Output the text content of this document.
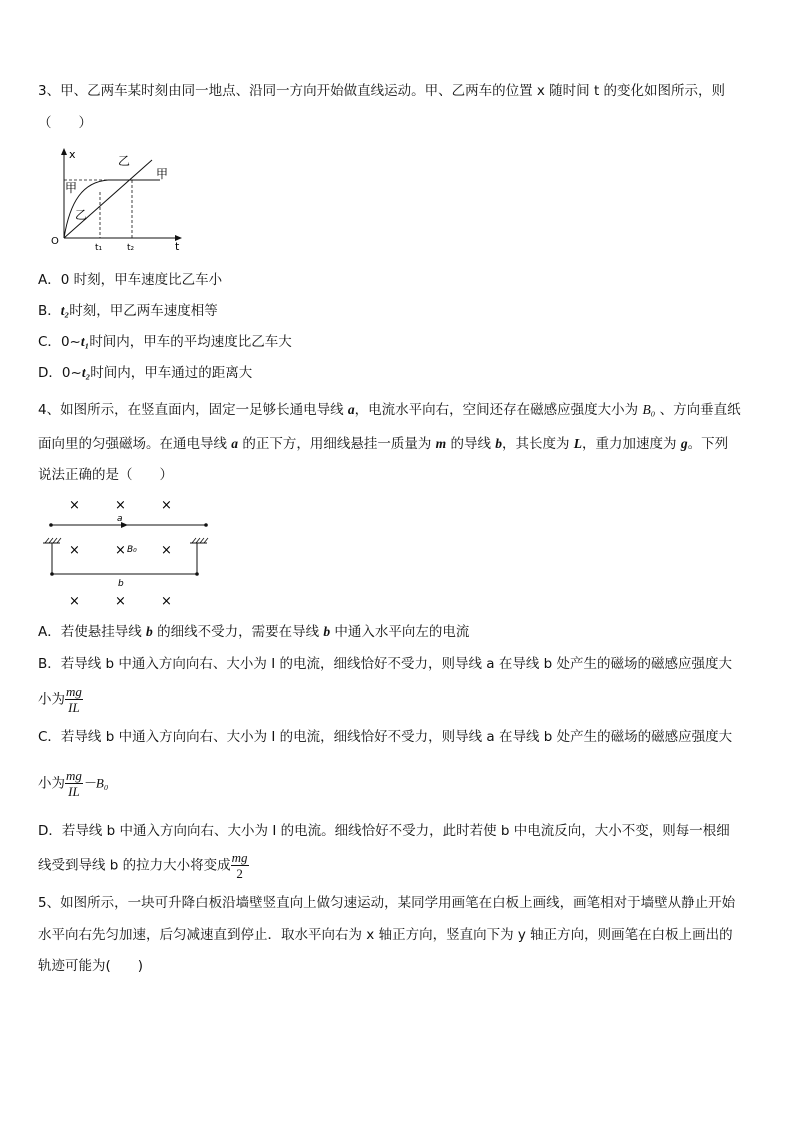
3、甲、乙两车某时刻由同一地点、沿同一方向开始做直线运动。甲、乙两车的位置 x 随时间 t 的变化如图所示，则
（　　）
x	乙
甲
甲
乙
O
t₁	t₂	t
A．0 时刻，甲车速度比乙车小
B．t₂时刻，甲乙两车速度相等
C．0~t₁时间内，甲车的平均速度比乙车大
D．0~t₂时间内，甲车通过的距离大
4、如图所示，在竖直面内，固定一足够长通电导线 a，电流水平向右，空间还存在磁感应强度大小为 B₀ 、方向垂直纸
面向里的匀强磁场。在通电导线 a 的正下方，用细线悬挂一质量为 m 的导线 b，其长度为 L，重力加速度为 g。下列
说法正确的是（　　）
×	×	×
a
×	× B₀ ×
b
×	×	×
A．若使悬挂导线 b 的细线不受力，需要在导线 b 中通入水平向左的电流
B．若导线 b 中通入方向向右、大小为 I 的电流，细线恰好不受力，则导线 a 在导线 b 处产生的磁场的磁感应强度大
小为 $\frac{mg}{IL}$
C．若导线 b 中通入方向向右、大小为 I 的电流，细线恰好不受力，则导线 a 在导线 b 处产生的磁场的磁感应强度大
小为 $\frac{mg}{IL} -B_0$
D．若导线 b 中通入方向向右、大小为 I 的电流。细线恰好不受力，此时若使 b 中电流反向，大小不变，则每一根细
线受到导线 b 的拉力大小将变成 $\frac{mg}{2}$
5、如图所示，一块可升降白板沿墙壁竖直向上做匀速运动，某同学用画笔在白板上画线，画笔相对于墙壁从静止开始
水平向右先匀加速，后匀减速直到停止．取水平向右为 x 轴正方向，竖直向下为 y 轴正方向，则画笔在白板上画出的
轨迹可能为(　　)
